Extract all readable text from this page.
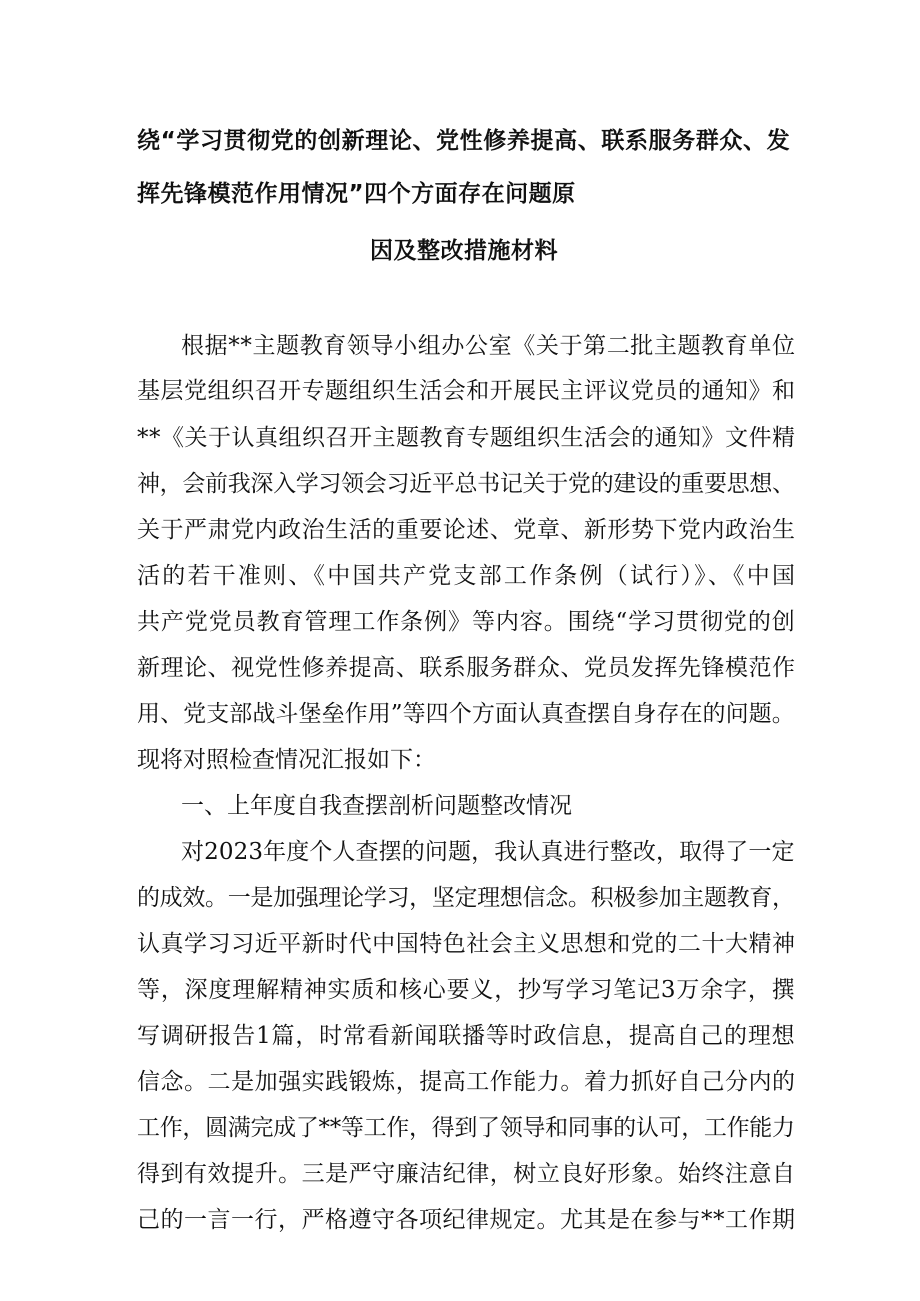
绕“学习贯彻党的创新理论、党性修养提高、联系服务群众、发
挥先锋模范作用情况”四个方面存在问题原
因及整改措施材料
根据**主题教育领导小组办公室《关于第二批主题教育单位
基层党组织召开专题组织生活会和开展民主评议党员的通知》和
**《关于认真组织召开主题教育专题组织生活会的通知》文件精
神，会前我深入学习领会习近平总书记关于党的建设的重要思想、
关于严肃党内政治生活的重要论述、党章、新形势下党内政治生
活的若干准则、《中国共产党支部工作条例（试行）》、《中国
共产党党员教育管理工作条例》等内容。围绕“学习贯彻党的创
新理论、视党性修养提高、联系服务群众、党员发挥先锋模范作
用、党支部战斗堡垒作用”等四个方面认真查摆自身存在的问题。
现将对照检查情况汇报如下：
一、上年度自我查摆剖析问题整改情况
对2023年度个人查摆的问题，我认真进行整改，取得了一定
的成效。一是加强理论学习，坚定理想信念。积极参加主题教育，
认真学习习近平新时代中国特色社会主义思想和党的二十大精神
等，深度理解精神实质和核心要义，抄写学习笔记3万余字，撰
写调研报告1篇，时常看新闻联播等时政信息，提高自己的理想
信念。二是加强实践锻炼，提高工作能力。着力抓好自己分内的
工作，圆满完成了**等工作，得到了领导和同事的认可，工作能力
得到有效提升。三是严守廉洁纪律，树立良好形象。始终注意自
己的一言一行，严格遵守各项纪律规定。尤其是在参与**工作期
